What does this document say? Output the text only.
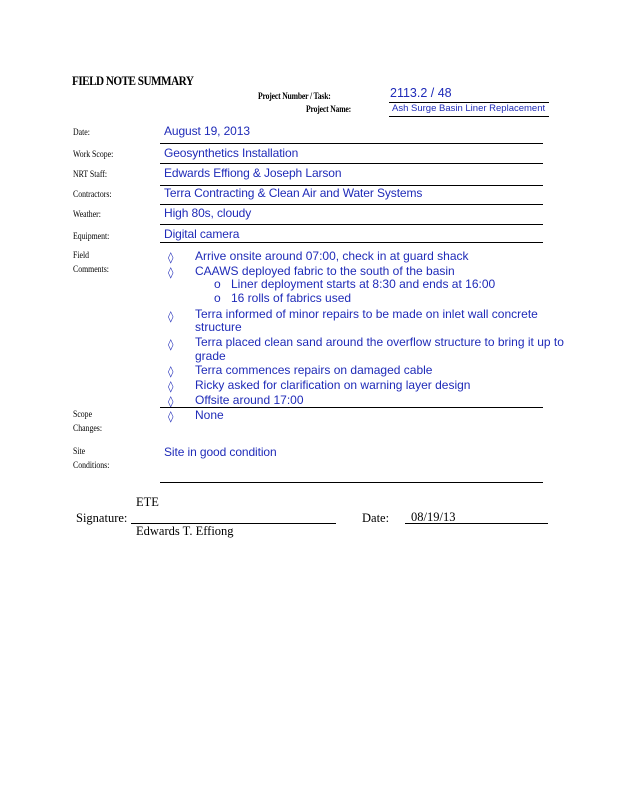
FIELD NOTE SUMMARY
Project Number / Task:	2113.2 / 48
Project Name:	Ash Surge Basin Liner Replacement
Date:	August 19, 2013
Work Scope:	Geosynthetics Installation
NRT Staff:	Edwards Effiong & Joseph Larson
Contractors:	Terra Contracting & Clean Air and Water Systems
Weather:	High 80s, cloudy
Equipment:	Digital camera
Field
Comments:
◊ Arrive onsite around 07:00, check in at guard shack
◊ CAAWS deployed fabric to the south of the basin
o Liner deployment starts at 8:30 and ends at 16:00
o 16 rolls of fabrics used
◊ Terra informed of minor repairs to be made on inlet wall concrete
structure
◊ Terra placed clean sand around the overflow structure to bring it up to
grade
◊ Terra commences repairs on damaged cable
◊ Ricky asked for clarification on warning layer design
◊ Offsite around 17:00
Scope
Changes:
◊ None
Site
Conditions:
Site in good condition
ETE
Signature:
Edwards T. Effiong
Date: 08/19/13
